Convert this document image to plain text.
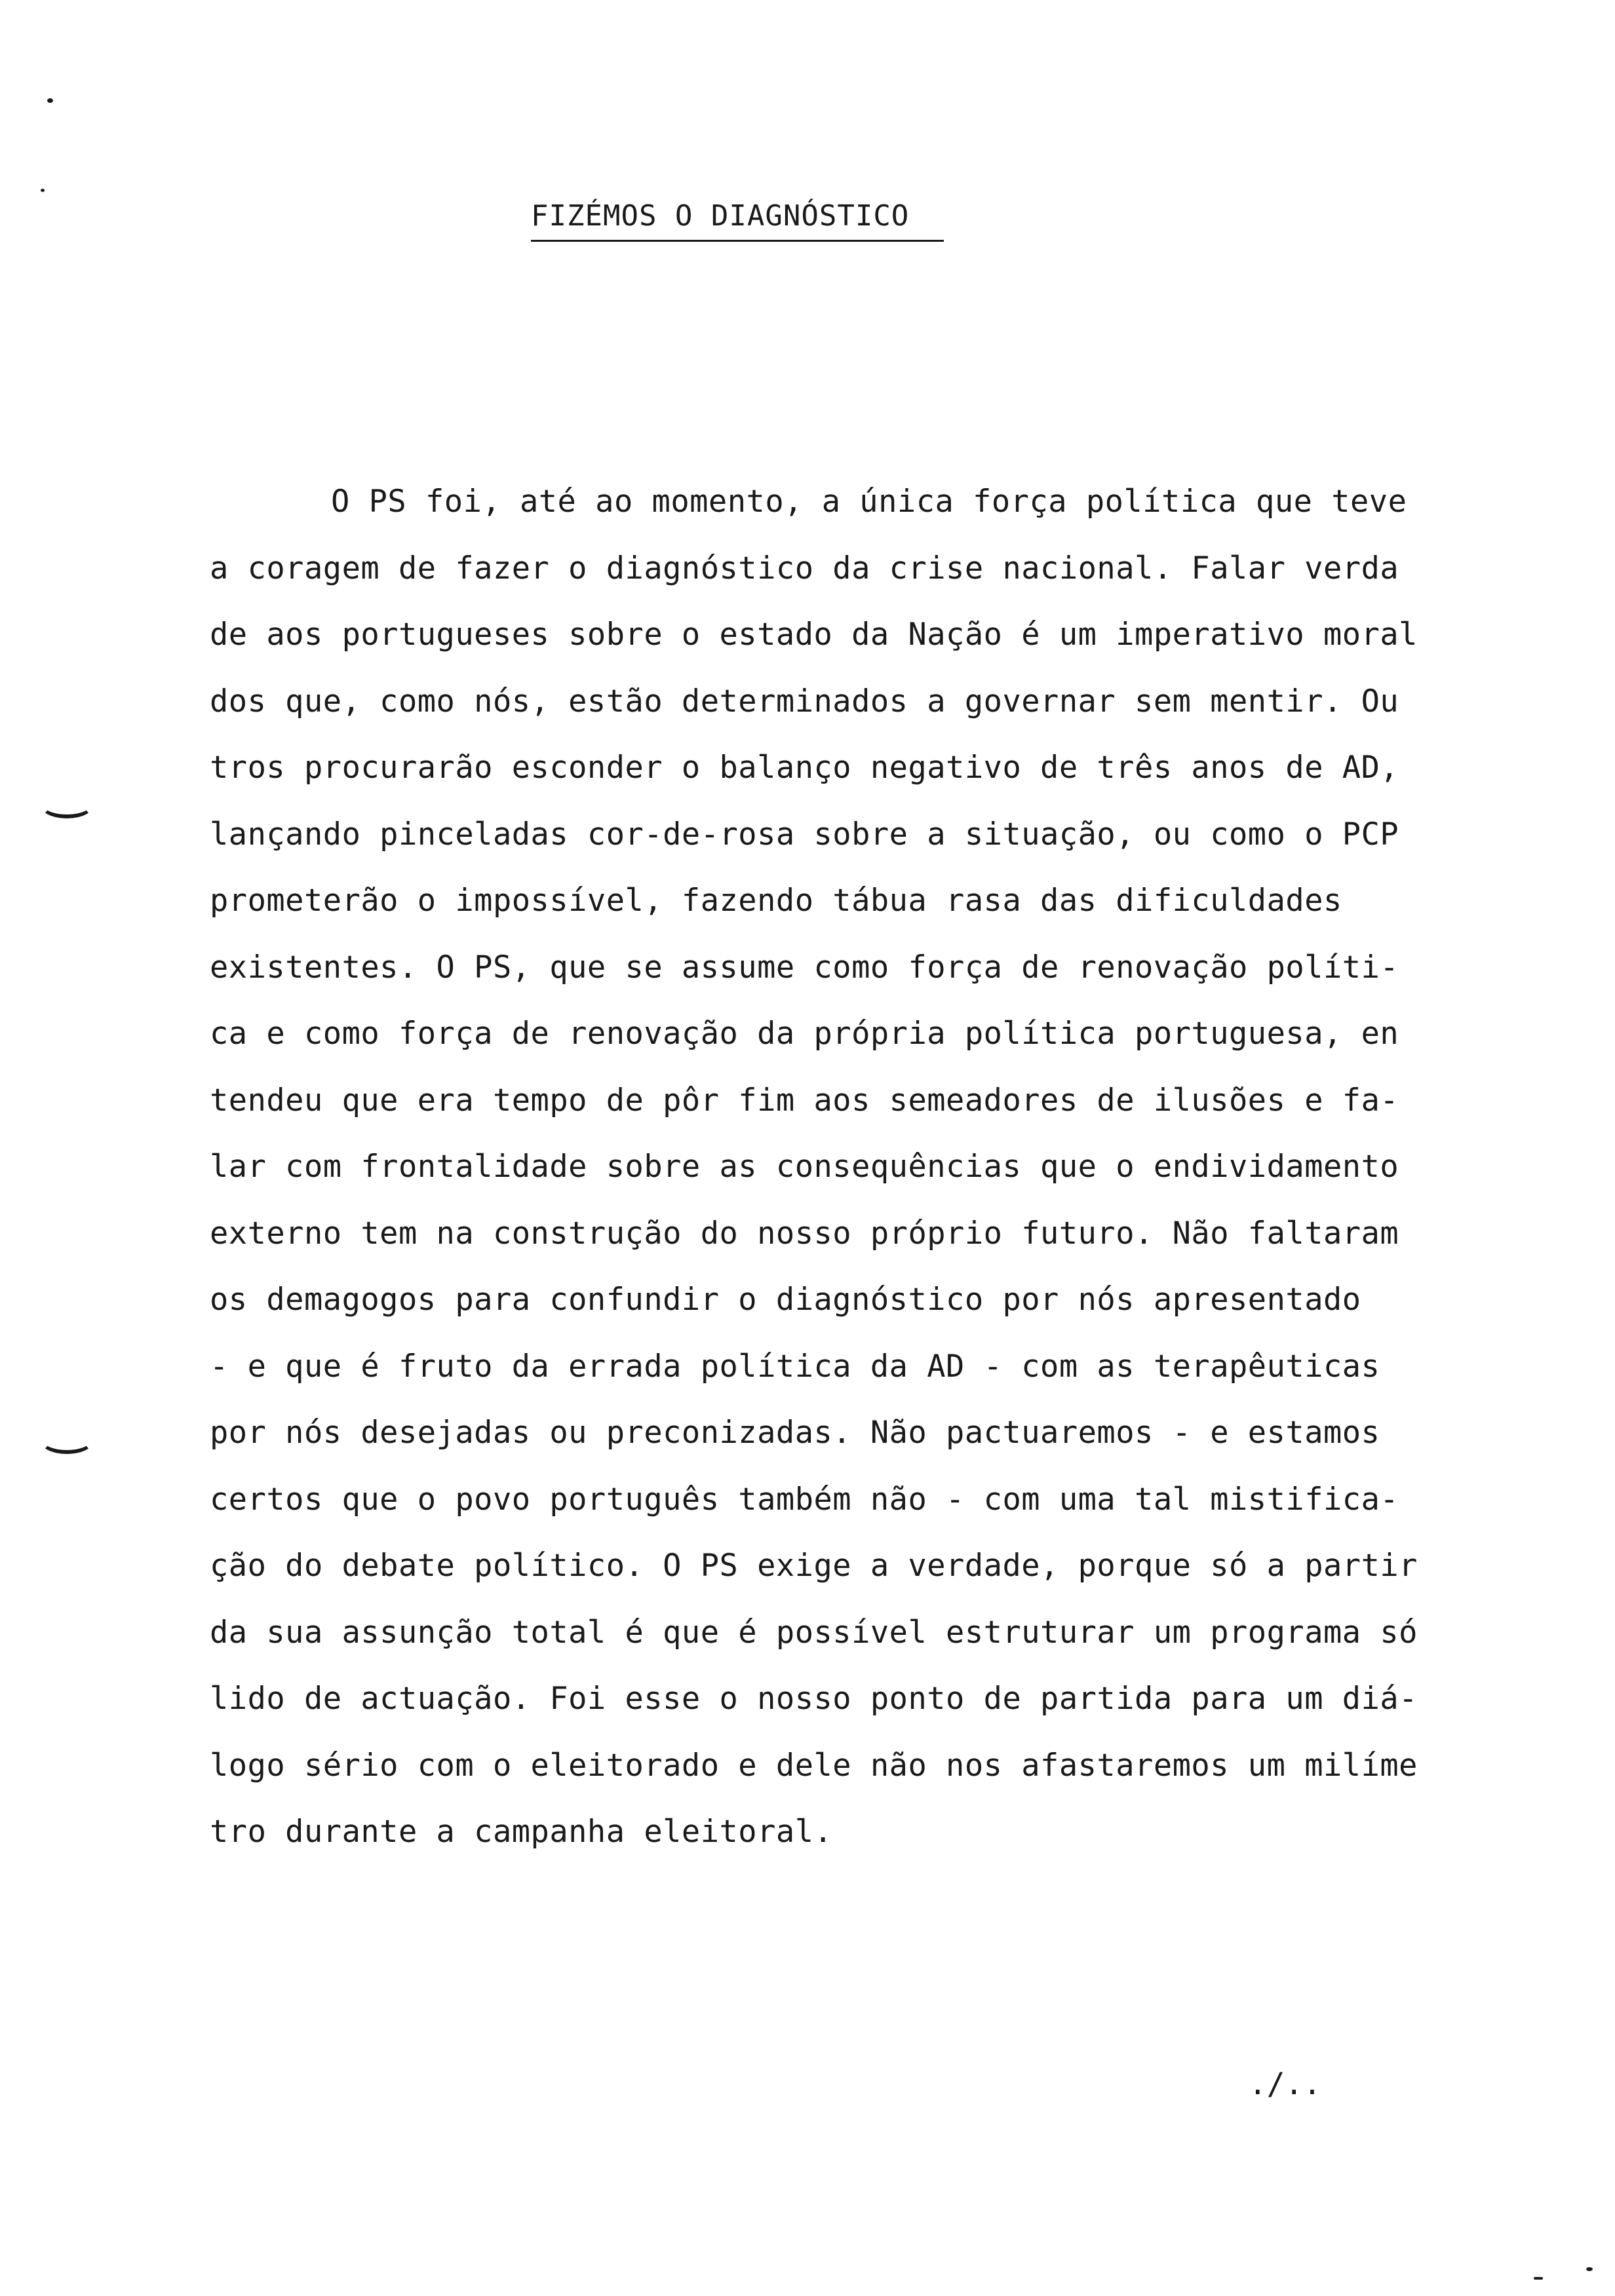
FIZÉMOS O DIAGNÓSTICO
O PS foi, até ao momento, a única força política que teve
a coragem de fazer o diagnóstico da crise nacional. Falar verda
de aos portugueses sobre o estado da Nação é um imperativo moral
dos que, como nós, estão determinados a governar sem mentir. Ou
tros procurarão esconder o balanço negativo de três anos de AD,
lançando pinceladas cor-de-rosa sobre a situação, ou como o PCP
prometerão o impossível, fazendo tábua rasa das dificuldades
existentes. O PS, que se assume como força de renovação políti-
ca e como força de renovação da própria política portuguesa, en
tendeu que era tempo de pôr fim aos semeadores de ilusões e fa-
lar com frontalidade sobre as consequências que o endividamento
externo tem na construção do nosso próprio futuro. Não faltaram
os demagogos para confundir o diagnóstico por nós apresentado
- e que é fruto da errada política da AD - com as terapêuticas
por nós desejadas ou preconizadas. Não pactuaremos - e estamos
certos que o povo português também não - com uma tal mistifica-
ção do debate político. O PS exige a verdade, porque só a partir
da sua assunção total é que é possível estruturar um programa só
lido de actuação. Foi esse o nosso ponto de partida para um diá-
logo sério com o eleitorado e dele não nos afastaremos um milíme
tro durante a campanha eleitoral.
./..
